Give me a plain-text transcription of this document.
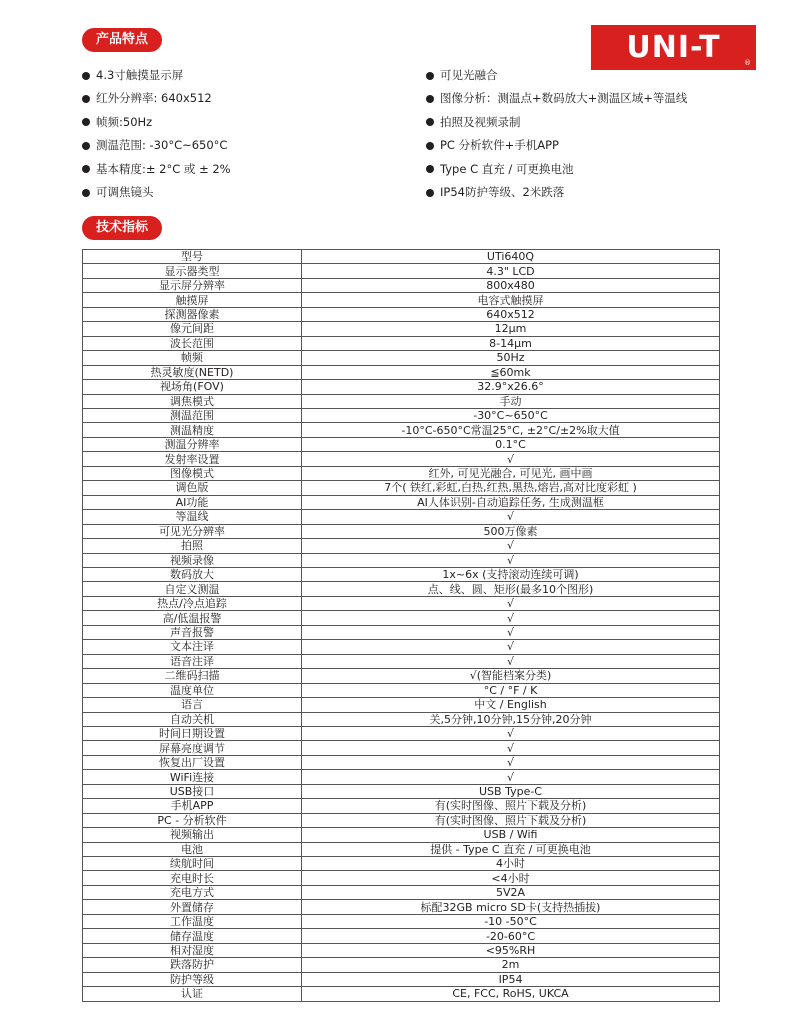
产品特点	UNI-T	®
4.3寸触摸显示屏
红外分辨率: 640x512
帧频:50Hz
测温范围: -30°C~650°C
基本精度:± 2°C 或 ± 2%
可调焦镜头
可见光融合
图像分析：测温点+数码放大+测温区域+等温线
拍照及视频录制
PC 分析软件+手机APP
Type C 直充 / 可更换电池
IP54防护等级、2米跌落
技术指标
型号	UTi640Q
显示器类型	4.3" LCD
显示屏分辨率	800x480
触摸屏	电容式触摸屏
探测器像素	640x512
像元间距	12μm
波长范围	8-14μm
帧频	50Hz
热灵敏度(NETD)	≦60mk
视场角(FOV)	32.9°x26.6°
调焦模式	手动
测温范围	-30°C~650°C
测温精度	-10°C-650°C常温25°C, ±2°C/±2%取大值
测温分辨率	0.1°C
发射率设置	√
图像模式	红外, 可见光融合, 可见光, 画中画
调色版	7个( 铁红,彩虹,白热,红热,黑热,熔岩,高对比度彩虹 )
AI功能	AI人体识别-自动追踪任务, 生成测温框
等温线	√
可见光分辨率	500万像素
拍照	√
视频录像	√
数码放大	1x~6x (支持滚动连续可调)
自定义测温	点、线、圆、矩形(最多10个图形)
热点/冷点追踪	√
高/低温报警	√
声音报警	√
文本注译	√
语音注译	√
二维码扫描	√(智能档案分类)
温度单位	°C / °F / K
语言	中文 / English
自动关机	关,5分钟,10分钟,15分钟,20分钟
时间日期设置	√
屏幕亮度调节	√
恢复出厂设置	√
WiFi连接	√
USB接口	USB Type-C
手机APP	有(实时图像、照片下载及分析)
PC - 分析软件	有(实时图像、照片下载及分析)
视频输出	USB / Wifi
电池	提供 - Type C 直充 / 可更换电池
续航时间	4小时
充电时长	<4小时
充电方式	5V2A
外置储存	标配32GB micro SD卡(支持热插拔)
工作温度	-10 -50°C
储存温度	-20-60°C
相对湿度	<95%RH
跌落防护	2m
防护等级	IP54
认证	CE, FCC, RoHS, UKCA
